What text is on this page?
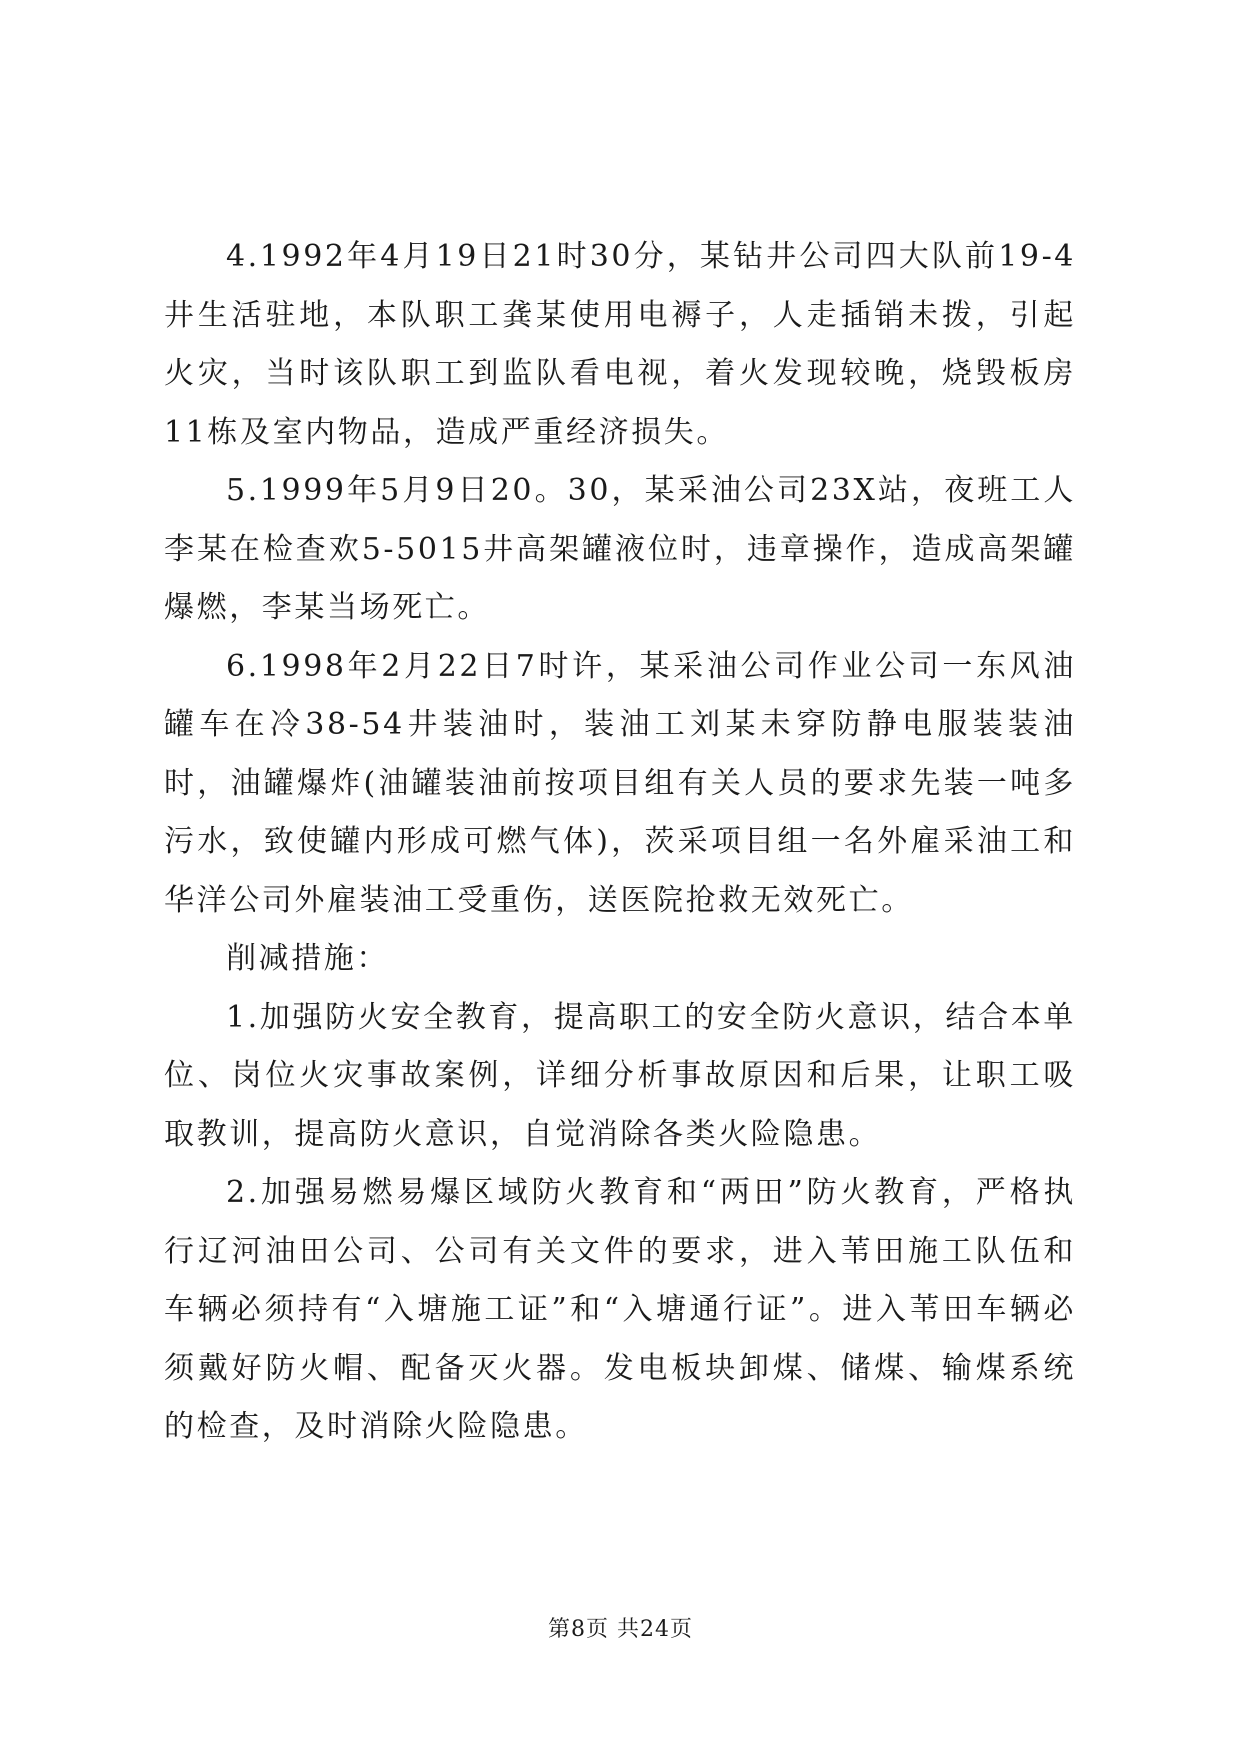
4.1992年4月19日21时30分，某钻井公司四大队前19-4井生活驻地，本队职工龚某使用电褥子，人走插销未拨，引起火灾，当时该队职工到监队看电视，着火发现较晚，烧毁板房11栋及室内物品，造成严重经济损失。

5.1999年5月9日20。30，某采油公司23X站，夜班工人李某在检查欢5-5015井高架罐液位时，违章操作，造成高架罐爆燃，李某当场死亡。

6.1998年2月22日7时许，某采油公司作业公司一东风油罐车在冷38-54井装油时，装油工刘某未穿防静电服装装油时，油罐爆炸(油罐装油前按项目组有关人员的要求先装一吨多污水，致使罐内形成可燃气体)，茨采项目组一名外雇采油工和华洋公司外雇装油工受重伤，送医院抢救无效死亡。

削减措施：

1.加强防火安全教育，提高职工的安全防火意识，结合本单位、岗位火灾事故案例，详细分析事故原因和后果，让职工吸取教训，提高防火意识，自觉消除各类火险隐患。

2.加强易燃易爆区域防火教育和“两田”防火教育，严格执行辽河油田公司、公司有关文件的要求，进入苇田施工队伍和车辆必须持有“入塘施工证”和“入塘通行证”。进入苇田车辆必须戴好防火帽、配备灭火器。发电板块卸煤、储煤、输煤系统的检查，及时消除火险隐患。

第8页 共24页
